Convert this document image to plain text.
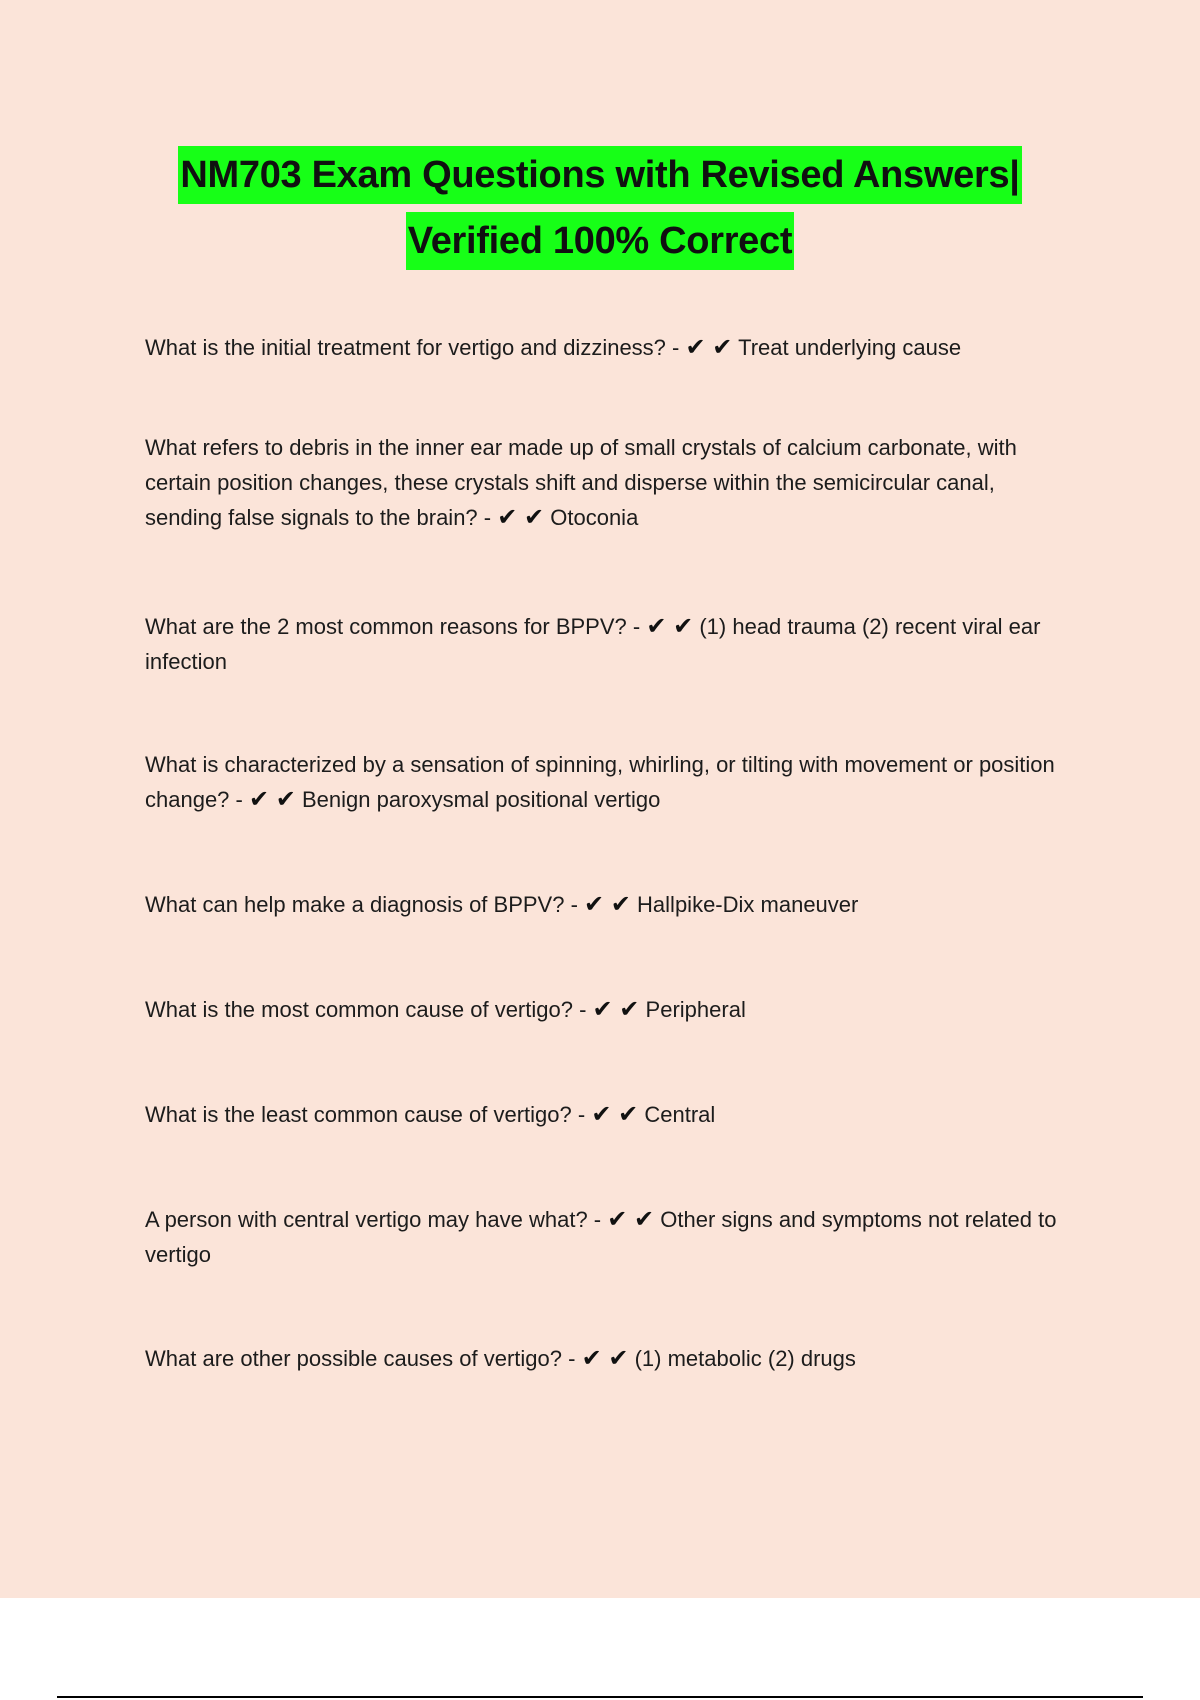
NM703 Exam Questions with Revised Answers|
Verified 100% Correct
What is the initial treatment for vertigo and dizziness? - ✔ ✔ Treat underlying cause
What refers to debris in the inner ear made up of small crystals of calcium carbonate, with certain position changes, these crystals shift and disperse within the semicircular canal, sending false signals to the brain? - ✔ ✔ Otoconia
What are the 2 most common reasons for BPPV? - ✔ ✔ (1) head trauma (2) recent viral ear infection
What is characterized by a sensation of spinning, whirling, or tilting with movement or position change? - ✔ ✔ Benign paroxysmal positional vertigo
What can help make a diagnosis of BPPV? - ✔ ✔ Hallpike-Dix maneuver
What is the most common cause of vertigo? - ✔ ✔ Peripheral
What is the least common cause of vertigo? - ✔ ✔ Central
A person with central vertigo may have what? - ✔ ✔ Other signs and symptoms not related to vertigo
What are other possible causes of vertigo? - ✔ ✔ (1) metabolic (2) drugs
